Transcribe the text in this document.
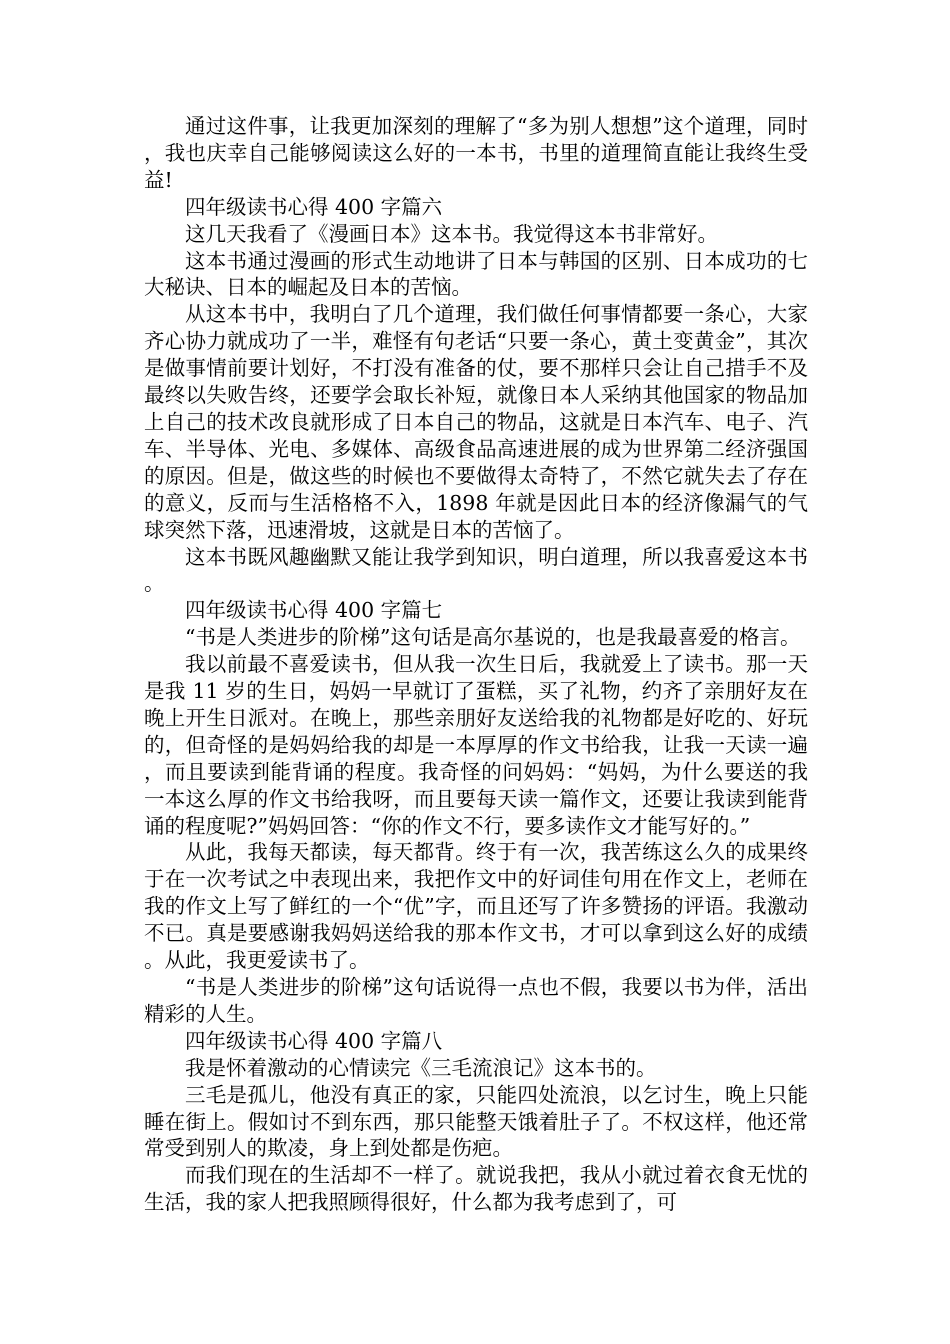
通过这件事，让我更加深刻的理解了“多为别人想想”这个道理，同时，我也庆幸自己能够阅读这么好的一本书，书里的道理简直能让我终生受益!

四年级读书心得 400 字篇六

这几天我看了《漫画日本》这本书。我觉得这本书非常好。

这本书通过漫画的形式生动地讲了日本与韩国的区别、日本成功的七大秘诀、日本的崛起及日本的苦恼。

从这本书中，我明白了几个道理，我们做任何事情都要一条心，大家齐心协力就成功了一半，难怪有句老话“只要一条心，黄土变黄金”，其次是做事情前要计划好，不打没有准备的仗，要不那样只会让自己措手不及最终以失败告终，还要学会取长补短，就像日本人采纳其他国家的物品加上自己的技术改良就形成了日本自己的物品，这就是日本汽车、电子、汽车、半导体、光电、多媒体、高级食品高速进展的成为世界第二经济强国的原因。但是，做这些的时候也不要做得太奇特了，不然它就失去了存在的意义，反而与生活格格不入，1898 年就是因此日本的经济像漏气的气球突然下落，迅速滑坡，这就是日本的苦恼了。

这本书既风趣幽默又能让我学到知识，明白道理，所以我喜爱这本书。

四年级读书心得 400 字篇七

“书是人类进步的阶梯”这句话是高尔基说的，也是我最喜爱的格言。

我以前最不喜爱读书，但从我一次生日后，我就爱上了读书。那一天是我 11 岁的生日，妈妈一早就订了蛋糕，买了礼物，约齐了亲朋好友在晚上开生日派对。在晚上，那些亲朋好友送给我的礼物都是好吃的、好玩的，但奇怪的是妈妈给我的却是一本厚厚的作文书给我，让我一天读一遍，而且要读到能背诵的程度。我奇怪的问妈妈：“妈妈，为什么要送的我一本这么厚的作文书给我呀，而且要每天读一篇作文，还要让我读到能背诵的程度呢?”妈妈回答：“你的作文不行，要多读作文才能写好的。”

从此，我每天都读，每天都背。终于有一次，我苦练这么久的成果终于在一次考试之中表现出来，我把作文中的好词佳句用在作文上，老师在我的作文上写了鲜红的一个“优”字，而且还写了许多赞扬的评语。我激动不已。真是要感谢我妈妈送给我的那本作文书，才可以拿到这么好的成绩。从此，我更爱读书了。

“书是人类进步的阶梯”这句话说得一点也不假，我要以书为伴，活出精彩的人生。

四年级读书心得 400 字篇八

我是怀着激动的心情读完《三毛流浪记》这本书的。

三毛是孤儿，他没有真正的家，只能四处流浪，以乞讨生，晚上只能睡在街上。假如讨不到东西，那只能整天饿着肚子了。不权这样，他还常常受到别人的欺凌，身上到处都是伤疤。

而我们现在的生活却不一样了。就说我把，我从小就过着衣食无忧的生活，我的家人把我照顾得很好，什么都为我考虑到了，可
